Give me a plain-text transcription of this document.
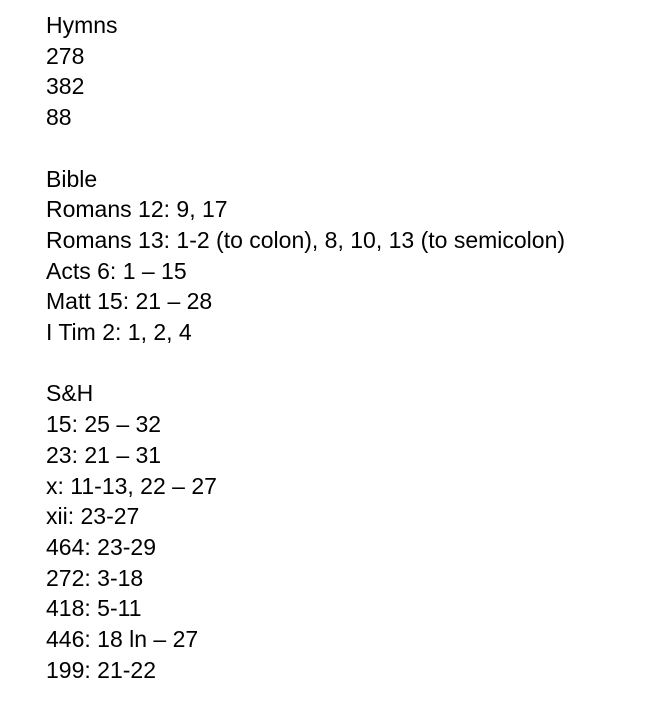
Hymns
278
382
88
Bible
Romans 12: 9, 17
Romans 13: 1-2 (to colon), 8, 10, 13 (to semicolon)
Acts 6: 1 – 15
Matt 15: 21 – 28
I Tim 2: 1, 2, 4
S&H
15: 25 – 32
23: 21 – 31
x: 11-13, 22 – 27
xii: 23-27
464: 23-29
272: 3-18
418: 5-11
446: 18 ln – 27
199: 21-22
